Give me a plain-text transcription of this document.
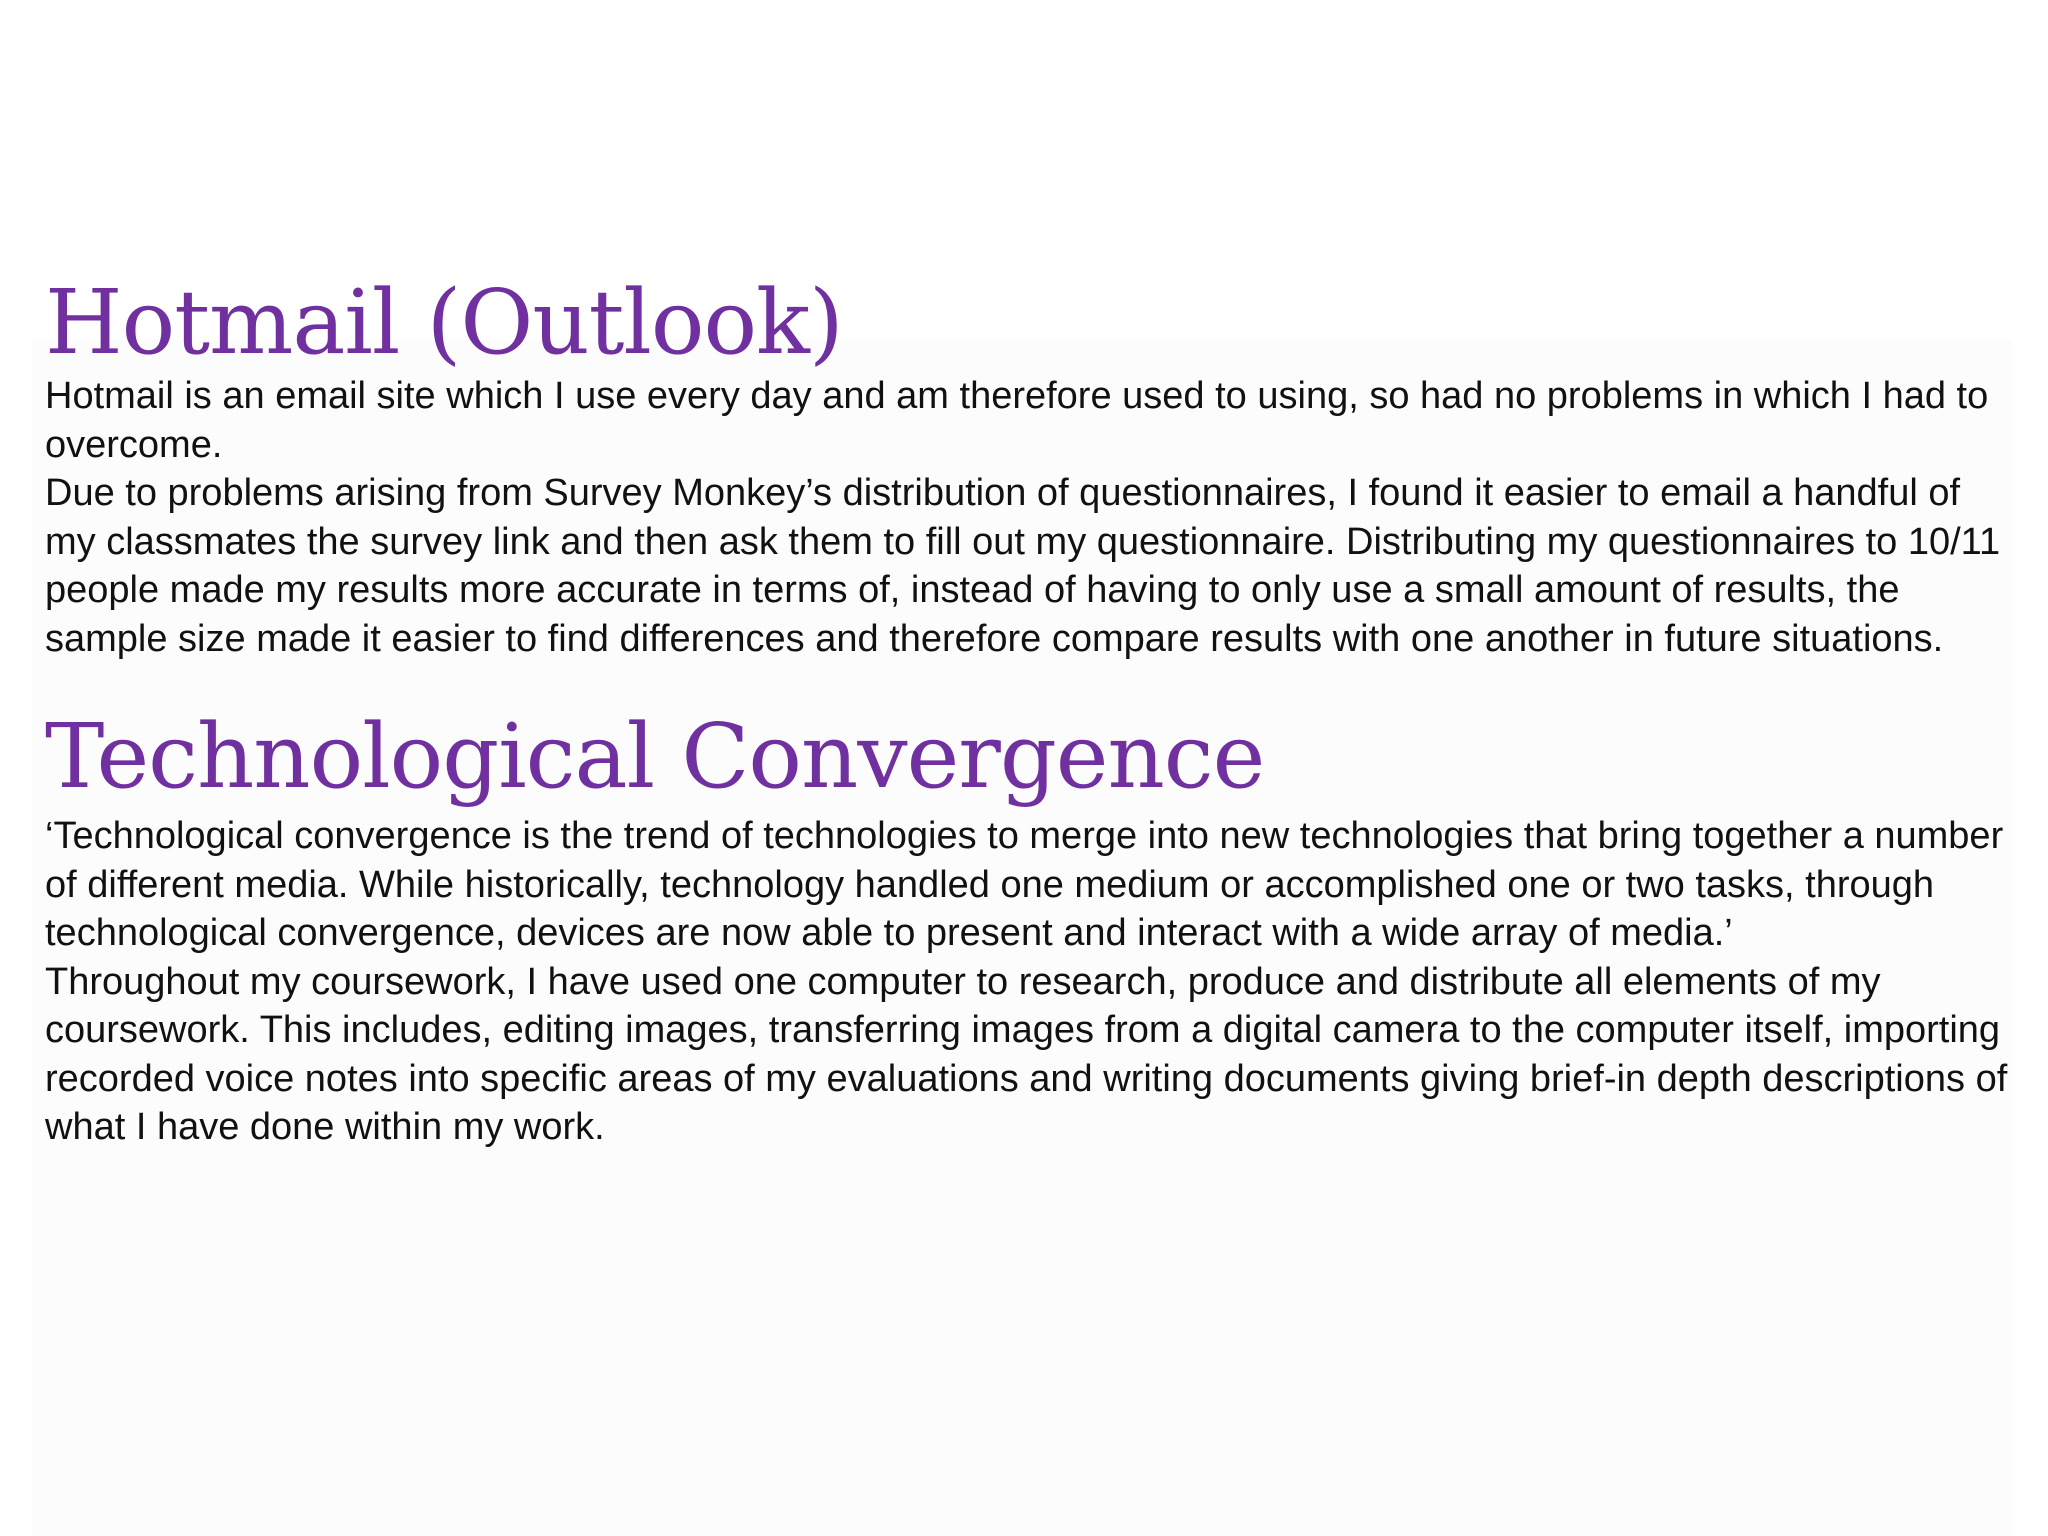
Hotmail (Outlook)

Hotmail is an email site which I use every day and am therefore used to using, so had no problems in which I had to overcome.

Due to problems arising from Survey Monkey’s distribution of questionnaires, I found it easier to email a handful of my classmates the survey link and then ask them to fill out my questionnaire. Distributing my questionnaires to 10/11 people made my results more accurate in terms of, instead of having to only use a small amount of results, the sample size made it easier to find differences and therefore compare results with one another in future situations.

Technological Convergence

‘Technological convergence is the trend of technologies to merge into new technologies that bring together a number of different media. While historically, technology handled one medium or accomplished one or two tasks, through technological convergence, devices are now able to present and interact with a wide array of media.’

Throughout my coursework, I have used one computer to research, produce and distribute all elements of my coursework. This includes, editing images, transferring images from a digital camera to the computer itself, importing recorded voice notes into specific areas of my evaluations and writing documents giving brief-in depth descriptions of what I have done within my work.
